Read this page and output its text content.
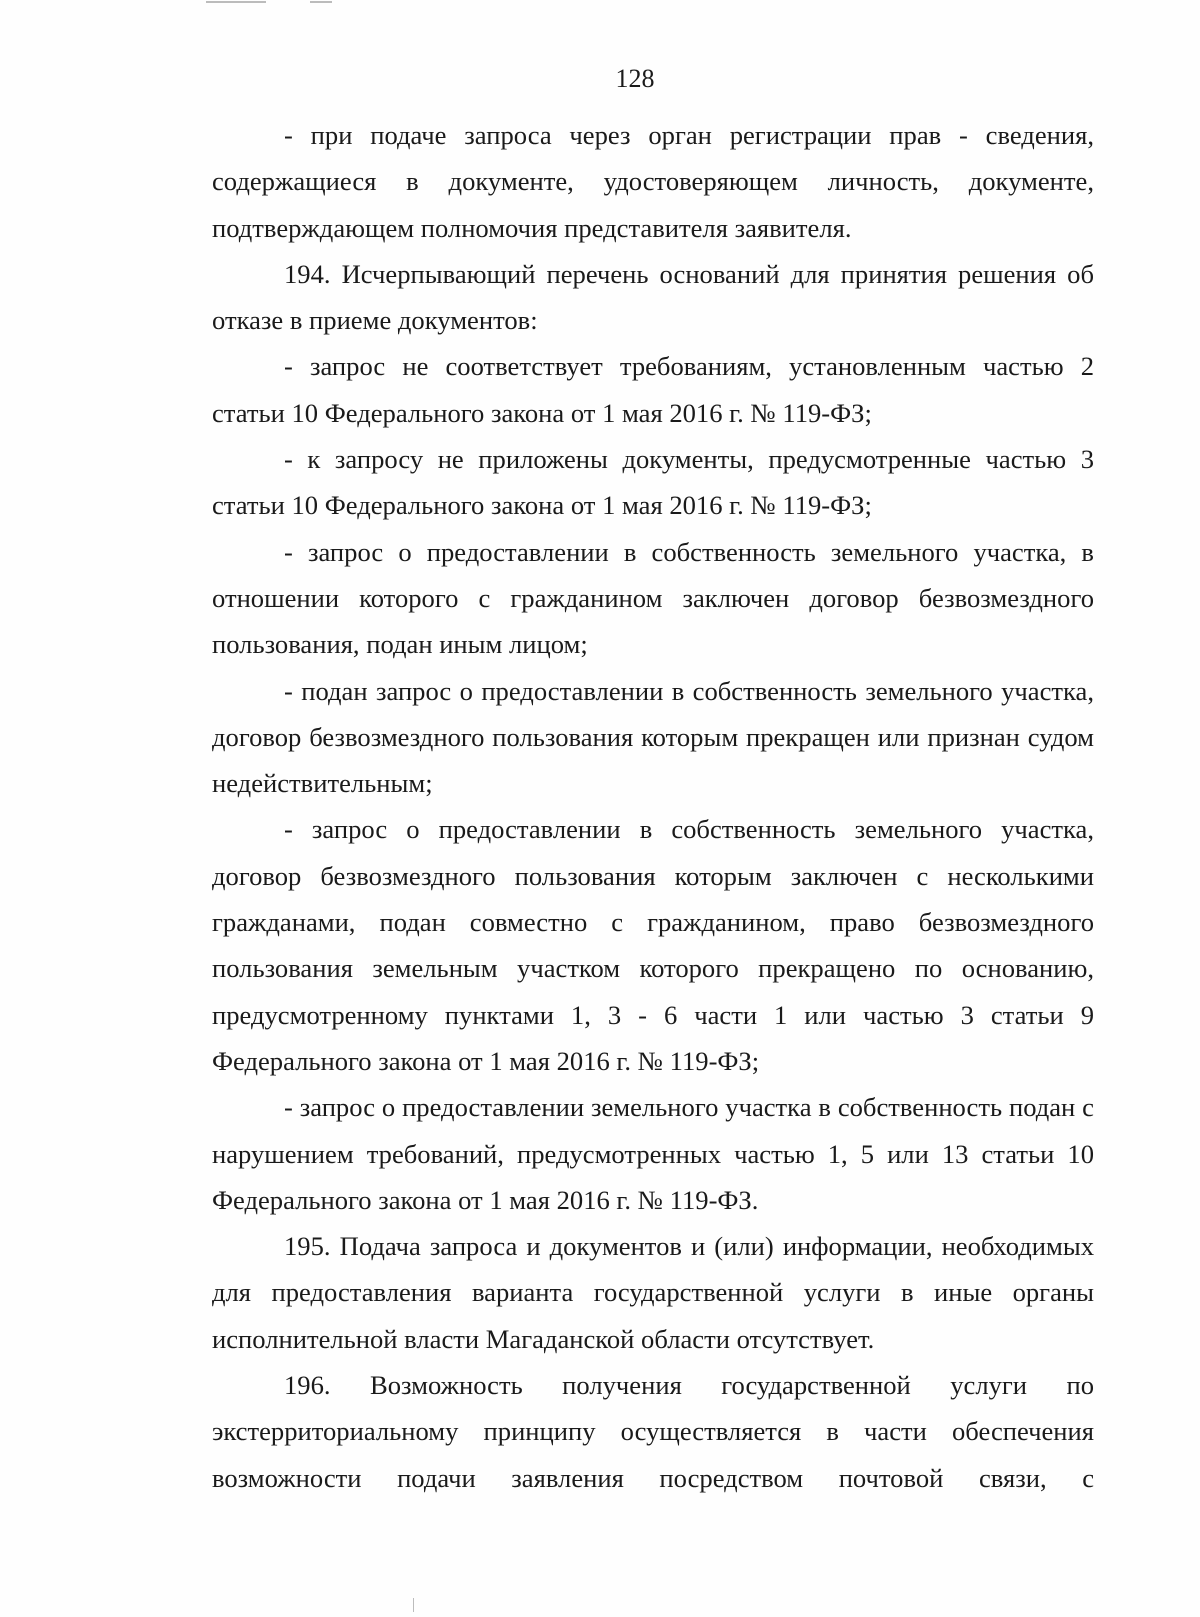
128

- при подаче запроса через орган регистрации прав - сведения, содержащиеся в документе, удостоверяющем личность, документе, подтверждающем полномочия представителя заявителя.

194. Исчерпывающий перечень оснований для принятия решения об отказе в приеме документов:

- запрос не соответствует требованиям, установленным частью 2 статьи 10 Федерального закона от 1 мая 2016 г. № 119-ФЗ;

- к запросу не приложены документы, предусмотренные частью 3 статьи 10 Федерального закона от 1 мая 2016 г. № 119-ФЗ;

- запрос о предоставлении в собственность земельного участка, в отношении которого с гражданином заключен договор безвозмездного пользования, подан иным лицом;

- подан запрос о предоставлении в собственность земельного участка, договор безвозмездного пользования которым прекращен или признан судом недействительным;

- запрос о предоставлении в собственность земельного участка, договор безвозмездного пользования которым заключен с несколькими гражданами, подан совместно с гражданином, право безвозмездного пользования земельным участком которого прекращено по основанию, предусмотренному пунктами 1, 3 - 6 части 1 или частью 3 статьи 9 Федерального закона от 1 мая 2016 г. № 119-ФЗ;

- запрос о предоставлении земельного участка в собственность подан с нарушением требований, предусмотренных частью 1, 5 или 13 статьи 10 Федерального закона от 1 мая 2016 г. № 119-ФЗ.

195. Подача запроса и документов и (или) информации, необходимых для предоставления варианта государственной услуги в иные органы исполнительной власти Магаданской области отсутствует.

196. Возможность получения государственной услуги по экстерриториальному принципу осуществляется в части обеспечения возможности подачи заявления посредством почтовой связи, с
